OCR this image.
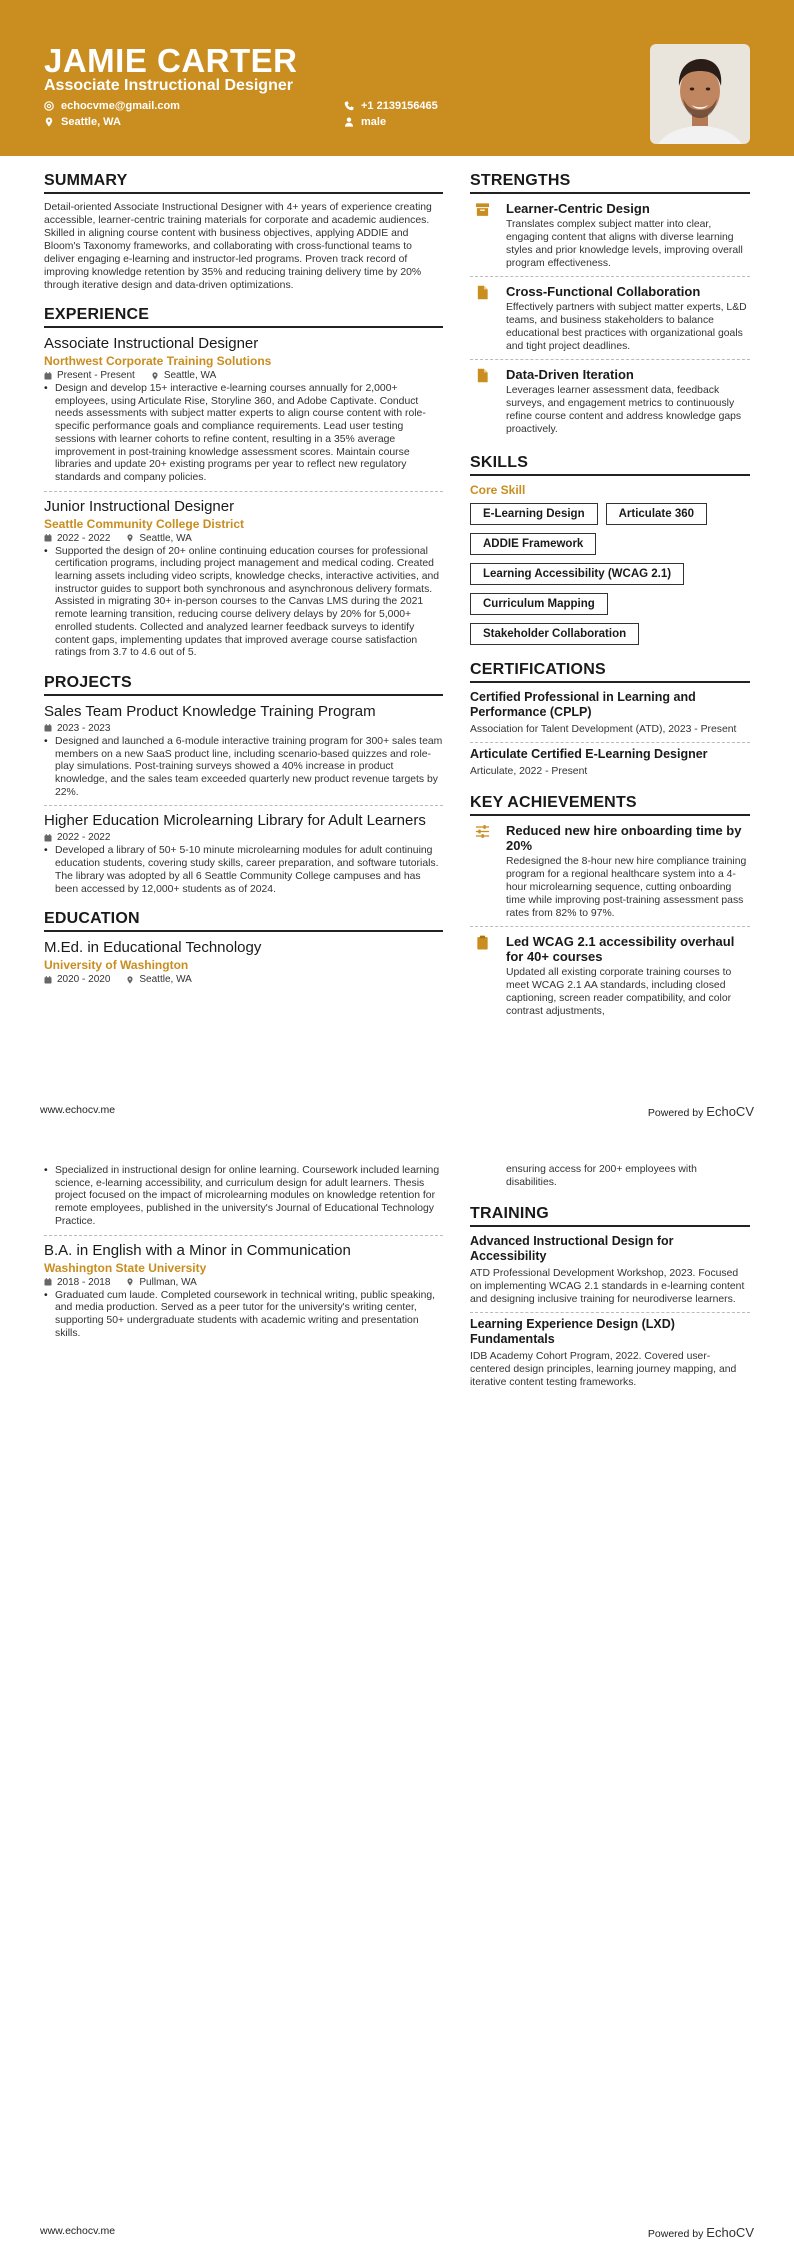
JAMIE CARTER
Associate Instructional Designer
echocvme@gmail.com
Seattle, WA
+1 2139156465
male
SUMMARY
Detail-oriented Associate Instructional Designer with 4+ years of experience creating accessible, learner-centric training materials for corporate and academic audiences. Skilled in aligning course content with business objectives, applying ADDIE and Bloom's Taxonomy frameworks, and collaborating with cross-functional teams to deliver engaging e-learning and instructor-led programs. Proven track record of improving knowledge retention by 35% and reducing training delivery time by 20% through iterative design and data-driven optimizations.
EXPERIENCE
Associate Instructional Designer
Northwest Corporate Training Solutions
Present - Present	Seattle, WA
• Design and develop 15+ interactive e-learning courses annually for 2,000+ employees, using Articulate Rise, Storyline 360, and Adobe Captivate. Conduct needs assessments with subject matter experts to align course content with role-specific performance goals and compliance requirements. Lead user testing sessions with learner cohorts to refine content, resulting in a 35% average improvement in post-training knowledge assessment scores. Maintain course libraries and update 20+ existing programs per year to reflect new regulatory standards and company policies.
Junior Instructional Designer
Seattle Community College District
2022 - 2022	Seattle, WA
• Supported the design of 20+ online continuing education courses for professional certification programs, including project management and medical coding. Created learning assets including video scripts, knowledge checks, interactive activities, and instructor guides to support both synchronous and asynchronous delivery formats. Assisted in migrating 30+ in-person courses to the Canvas LMS during the 2021 remote learning transition, reducing course delivery delays by 20% for 5,000+ enrolled students. Collected and analyzed learner feedback surveys to identify content gaps, implementing updates that improved average course satisfaction ratings from 3.7 to 4.6 out of 5.
PROJECTS
Sales Team Product Knowledge Training Program
2023 - 2023
• Designed and launched a 6-module interactive training program for 300+ sales team members on a new SaaS product line, including scenario-based quizzes and role-play simulations. Post-training surveys showed a 40% increase in product knowledge, and the sales team exceeded quarterly new product revenue targets by 22%.
Higher Education Microlearning Library for Adult Learners
2022 - 2022
• Developed a library of 50+ 5-10 minute microlearning modules for adult continuing education students, covering study skills, career preparation, and software tutorials. The library was adopted by all 6 Seattle Community College campuses and has been accessed by 12,000+ students as of 2024.
EDUCATION
M.Ed. in Educational Technology
University of Washington
2020 - 2020	Seattle, WA
STRENGTHS
Learner-Centric Design
Translates complex subject matter into clear, engaging content that aligns with diverse learning styles and prior knowledge levels, improving overall program effectiveness.
Cross-Functional Collaboration
Effectively partners with subject matter experts, L&D teams, and business stakeholders to balance educational best practices with organizational goals and tight project deadlines.
Data-Driven Iteration
Leverages learner assessment data, feedback surveys, and engagement metrics to continuously refine course content and address knowledge gaps proactively.
SKILLS
Core Skill
E-Learning Design	Articulate 360
ADDIE Framework
Learning Accessibility (WCAG 2.1)
Curriculum Mapping
Stakeholder Collaboration
CERTIFICATIONS
Certified Professional in Learning and Performance (CPLP)
Association for Talent Development (ATD), 2023 - Present
Articulate Certified E-Learning Designer
Articulate, 2022 - Present
KEY ACHIEVEMENTS
Reduced new hire onboarding time by 20%
Redesigned the 8-hour new hire compliance training program for a regional healthcare system into a 4-hour microlearning sequence, cutting onboarding time while improving post-training assessment pass rates from 82% to 97%.
Led WCAG 2.1 accessibility overhaul for 40+ courses
Updated all existing corporate training courses to meet WCAG 2.1 AA standards, including closed captioning, screen reader compatibility, and color contrast adjustments,
www.echocv.me	Powered by EchoCV
• Specialized in instructional design for online learning. Coursework included learning science, e-learning accessibility, and curriculum design for adult learners. Thesis project focused on the impact of microlearning modules on knowledge retention for remote employees, published in the university's Journal of Educational Technology Practice.
B.A. in English with a Minor in Communication
Washington State University
2018 - 2018	Pullman, WA
• Graduated cum laude. Completed coursework in technical writing, public speaking, and media production. Served as a peer tutor for the university's writing center, supporting 50+ undergraduate students with academic writing and presentation skills.
ensuring access for 200+ employees with disabilities.
TRAINING
Advanced Instructional Design for Accessibility
ATD Professional Development Workshop, 2023. Focused on implementing WCAG 2.1 standards in e-learning content and designing inclusive training for neurodiverse learners.
Learning Experience Design (LXD) Fundamentals
IDB Academy Cohort Program, 2022. Covered user-centered design principles, learning journey mapping, and iterative content testing frameworks.
www.echocv.me	Powered by EchoCV
